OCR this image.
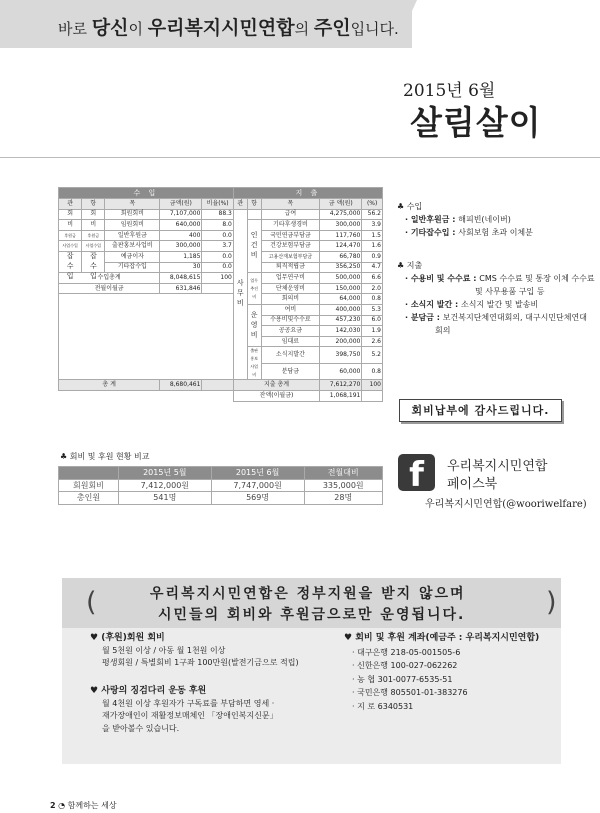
바로 당신이 우리복지시민연합의 주인입니다.
2015년 6월
살림살이
수 입					지 출				
관	항	목	금액(원)	비율(%)	관	항	목	금 액(원)	(%)
회	회	회원회비	7,107,000	88.3	사무비		급여	4,275,000	56.2
비	비	임원회비	640,000	8.0		인건비	기타후생경비	300,000	3.9
후원금	후원금	일반후원금	400	0.0			국민연금부담금	117,760	1.5
사업수입	사업수입	출판홍보사업비	300,000	3.7			건강보험부담금	124,470	1.6
잡수입	잡수입	예금이자	1,185	0.0			고용산재보험부담금	66,780	0.9
		기타잡수입	30	0.0			퇴직적립금	356,250	4.7
수입총계			8,048,615	100		업무추진비	업무연구비	500,000	6.6
전월이월금			631,846				단체운영비	150,000	2.0
							회의비	64,000	0.8
						운영비	여비	400,000	5.3
							수용비및수수료	457,230	6.0
							공공요금	142,030	1.9
							임대료	200,000	2.6
						출판홍보사업비	소식지발간	398,750	5.2
							분담금	60,000	0.8
총 계			8,680,461		지출 총계			7,612,270	100
					잔액(이월금)			1,068,191	
♣ 수입
· 일반후원금 : 해피빈(네이버)
· 기타잡수입 : 사회보험 초과 이체분
♣ 지출
· 수용비 및 수수료 : CMS 수수료 및 통장 이체 수수료
및 사무용품 구입 등
· 소식지 발간 : 소식지 발간 및 발송비
· 분담금 : 보건복지단체연대회의, 대구시민단체연대
회의
회비납부에 감사드립니다.
♣ 회비 및 후원 현황 비교
	2015년 5월	2015년 6월	전월대비
회원회비	7,412,000원	7,747,000원	335,000원
총인원	541명	569명	28명
f	우리복지시민연합
페이스북
우리복지시민연합(@wooriwelfare)
(	)
우리복지시민연합은 정부지원을 받지 않으며
시민들의 회비와 후원금으로만 운영됩니다.
♥ (후원)회원 회비
월 5천원 이상 / 아동 월 1천원 이상
평생회원 / 특별회비 1구좌 100만원(발전기금으로 적립)
♥ 사랑의 징검다리 운동 후원
월 4천원 이상 후원자가 구독료를 부담하면 영세 ·
재가장애인이 재활정보매체인 「장애인복지신문」
을 받아볼수 있습니다.
♥ 회비 및 후원 계좌(예금주 : 우리복지시민연합)
· 대구은행 218-05-001505-6
· 신한은행 100-027-062262
· 농 협 301-0077-6535-51
· 국민은행 805501-01-383276
· 지 로 6340531
2 ◔ 함께하는 세상
